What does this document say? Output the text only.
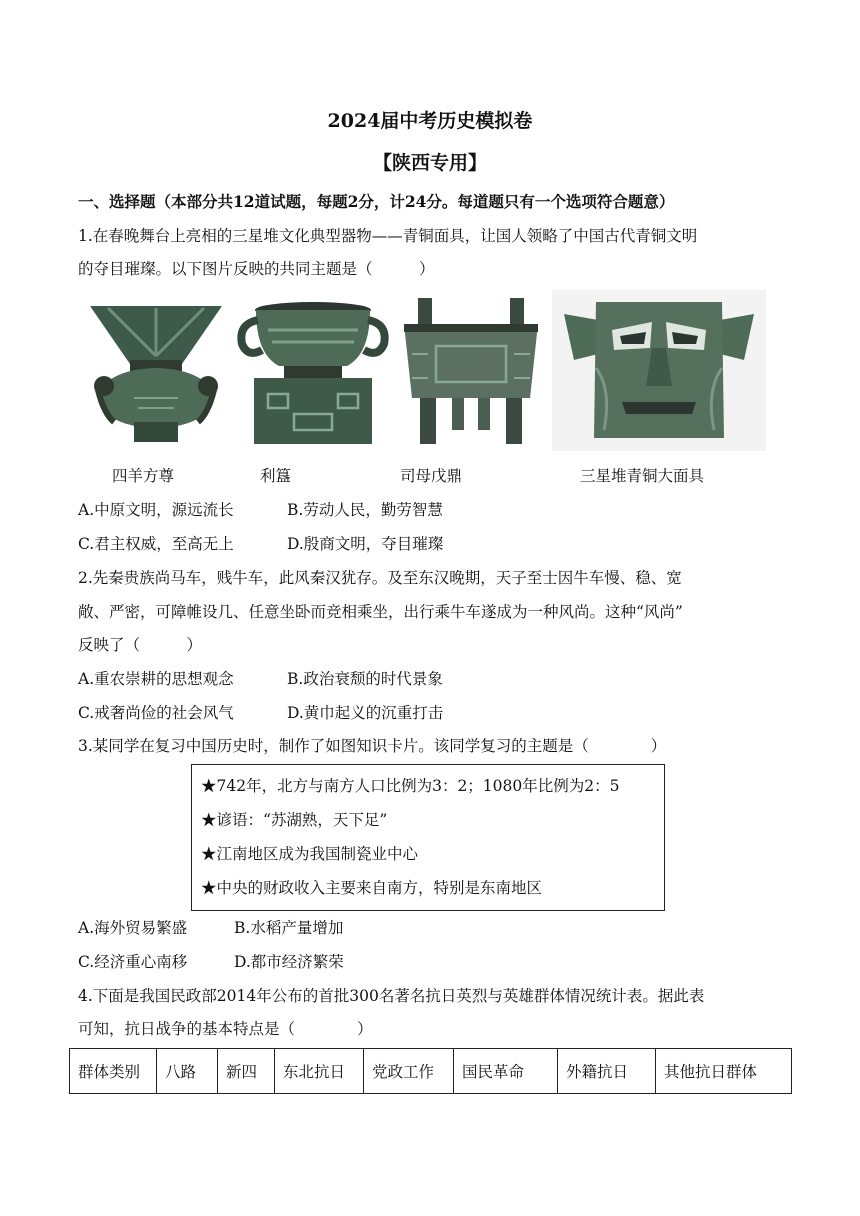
2024届中考历史模拟卷
【陕西专用】
一、选择题（本部分共12道试题，每题2分，计24分。每道题只有一个选项符合题意）
1.在春晚舞台上亮相的三星堆文化典型器物——青铜面具，让国人领略了中国古代青铜文明
的夺目璀璨。以下图片反映的共同主题是（　　　）
四羊方尊	利簋	司母戊鼎	三星堆青铜大面具
A.中原文明，源远流长	B.劳动人民，勤劳智慧
C.君主权威，至高无上	D.殷商文明，夺目璀璨
2.先秦贵族尚马车，贱牛车，此风秦汉犹存。及至东汉晚期，天子至士因牛车慢、稳、宽
敞、严密，可障帷设几、任意坐卧而竞相乘坐，出行乘牛车遂成为一种风尚。这种“风尚”
反映了（　　　）
A.重农崇耕的思想观念	B.政治衰颓的时代景象
C.戒奢尚俭的社会风气	D.黄巾起义的沉重打击
3.某同学在复习中国历史时，制作了如图知识卡片。该同学复习的主题是（　　　　）
★742年，北方与南方人口比例为3：2；1080年比例为2：5
★谚语：“苏湖熟，天下足”
★江南地区成为我国制瓷业中心
★中央的财政收入主要来自南方，特别是东南地区
A.海外贸易繁盛	B.水稻产量增加
C.经济重心南移	D.都市经济繁荣
4.下面是我国民政部2014年公布的首批300名著名抗日英烈与英雄群体情况统计表。据此表
可知，抗日战争的基本特点是（　　　　）
群体类别	八路	新四	东北抗日	党政工作	国民革命	外籍抗日	其他抗日群体
